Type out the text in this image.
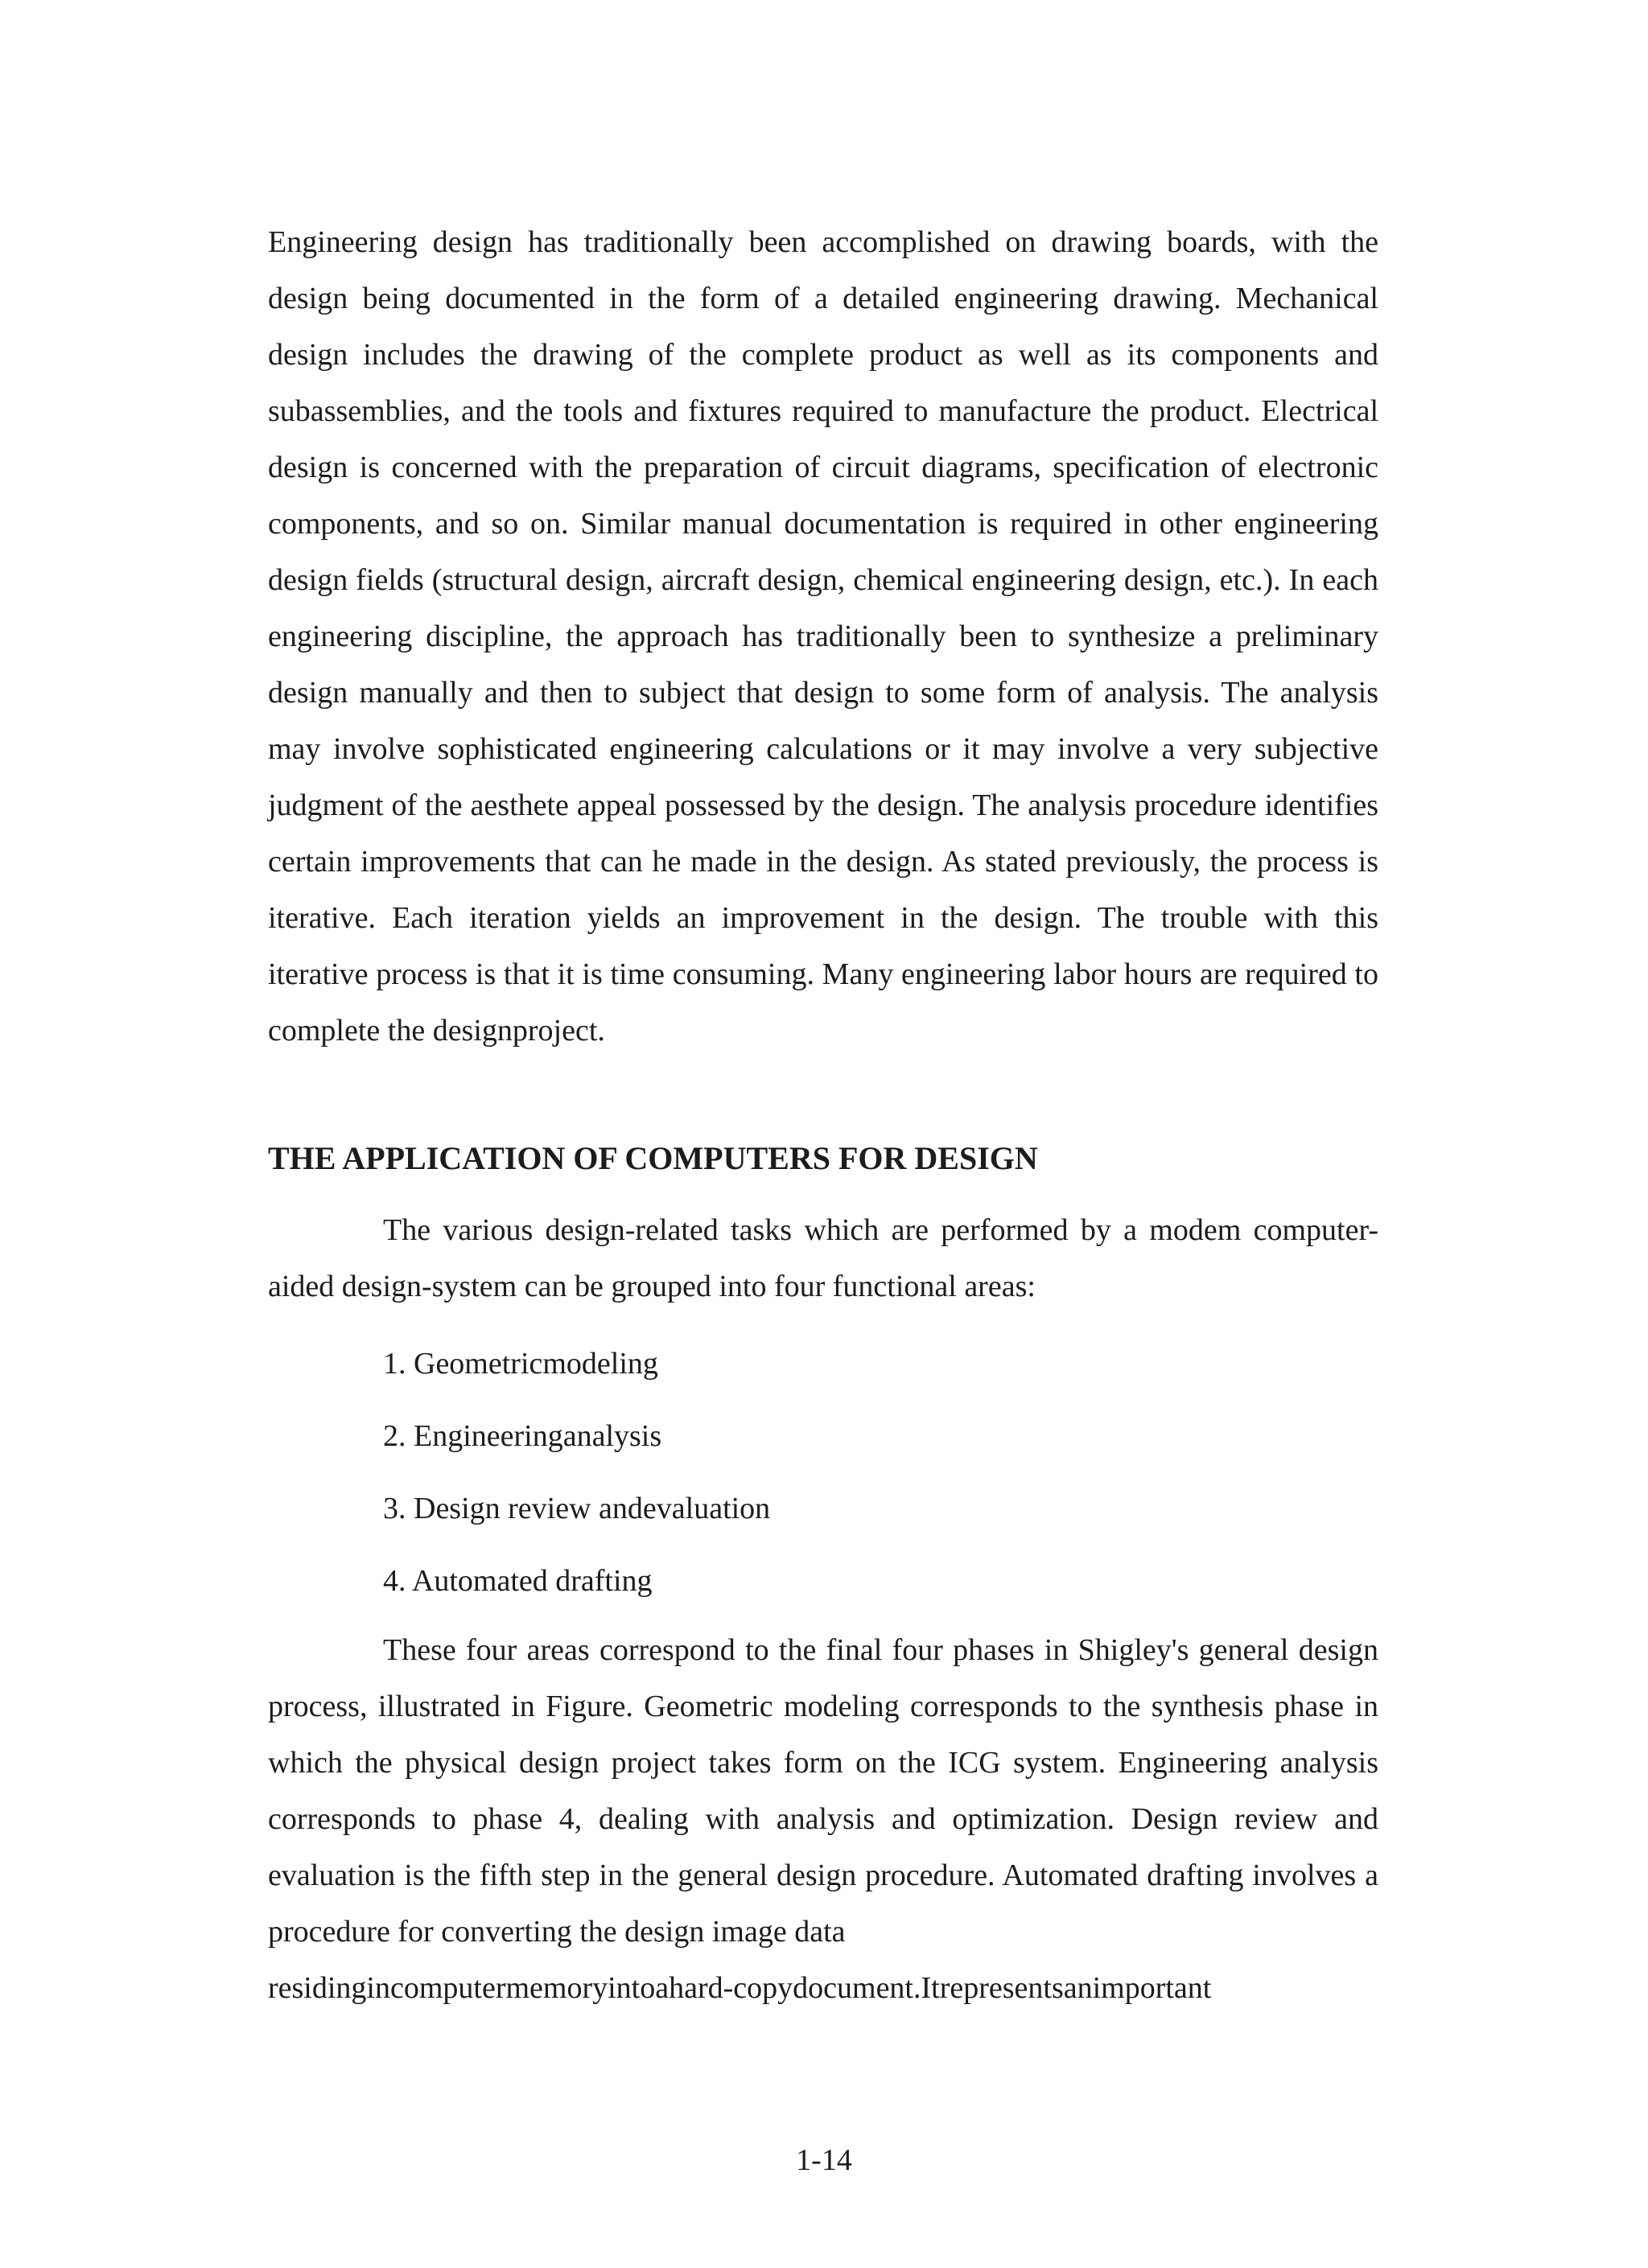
Engineering design has traditionally been accomplished on drawing boards, with the design being documented in the form of a detailed engineering drawing. Mechanical design includes the drawing of the complete product as well as its components and subassemblies, and the tools and fixtures required to manufacture the product. Electrical design is concerned with the preparation of circuit diagrams, specification of electronic components, and so on. Similar manual documentation is required in other engineering design fields (structural design, aircraft design, chemical engineering design, etc.). In each engineering discipline, the approach has traditionally been to synthesize a preliminary design manually and then to subject that design to some form of analysis. The analysis may involve sophisticated engineering calculations or it may involve a very subjective judgment of the aesthete appeal possessed by the design. The analysis procedure identifies certain improvements that can he made in the design. As stated previously, the process is iterative. Each iteration yields an improvement in the design. The trouble with this iterative process is that it is time consuming. Many engineering labor hours are required to complete the designproject.

THE APPLICATION OF COMPUTERS FOR DESIGN

The various design-related tasks which are performed by a modem computer-aided design-system can be grouped into four functional areas:

1. Geometricmodeling
2. Engineeringanalysis
3. Design review andevaluation
4. Automated drafting

These four areas correspond to the final four phases in Shigley's general design process, illustrated in Figure. Geometric modeling corresponds to the synthesis phase in which the physical design project takes form on the ICG system. Engineering analysis corresponds to phase 4, dealing with analysis and optimization. Design review and evaluation is the fifth step in the general design procedure. Automated drafting involves a procedure for converting the design image data
residingincomputermemoryintoahard-copydocument.Itrepresentsanimportant

1-14
